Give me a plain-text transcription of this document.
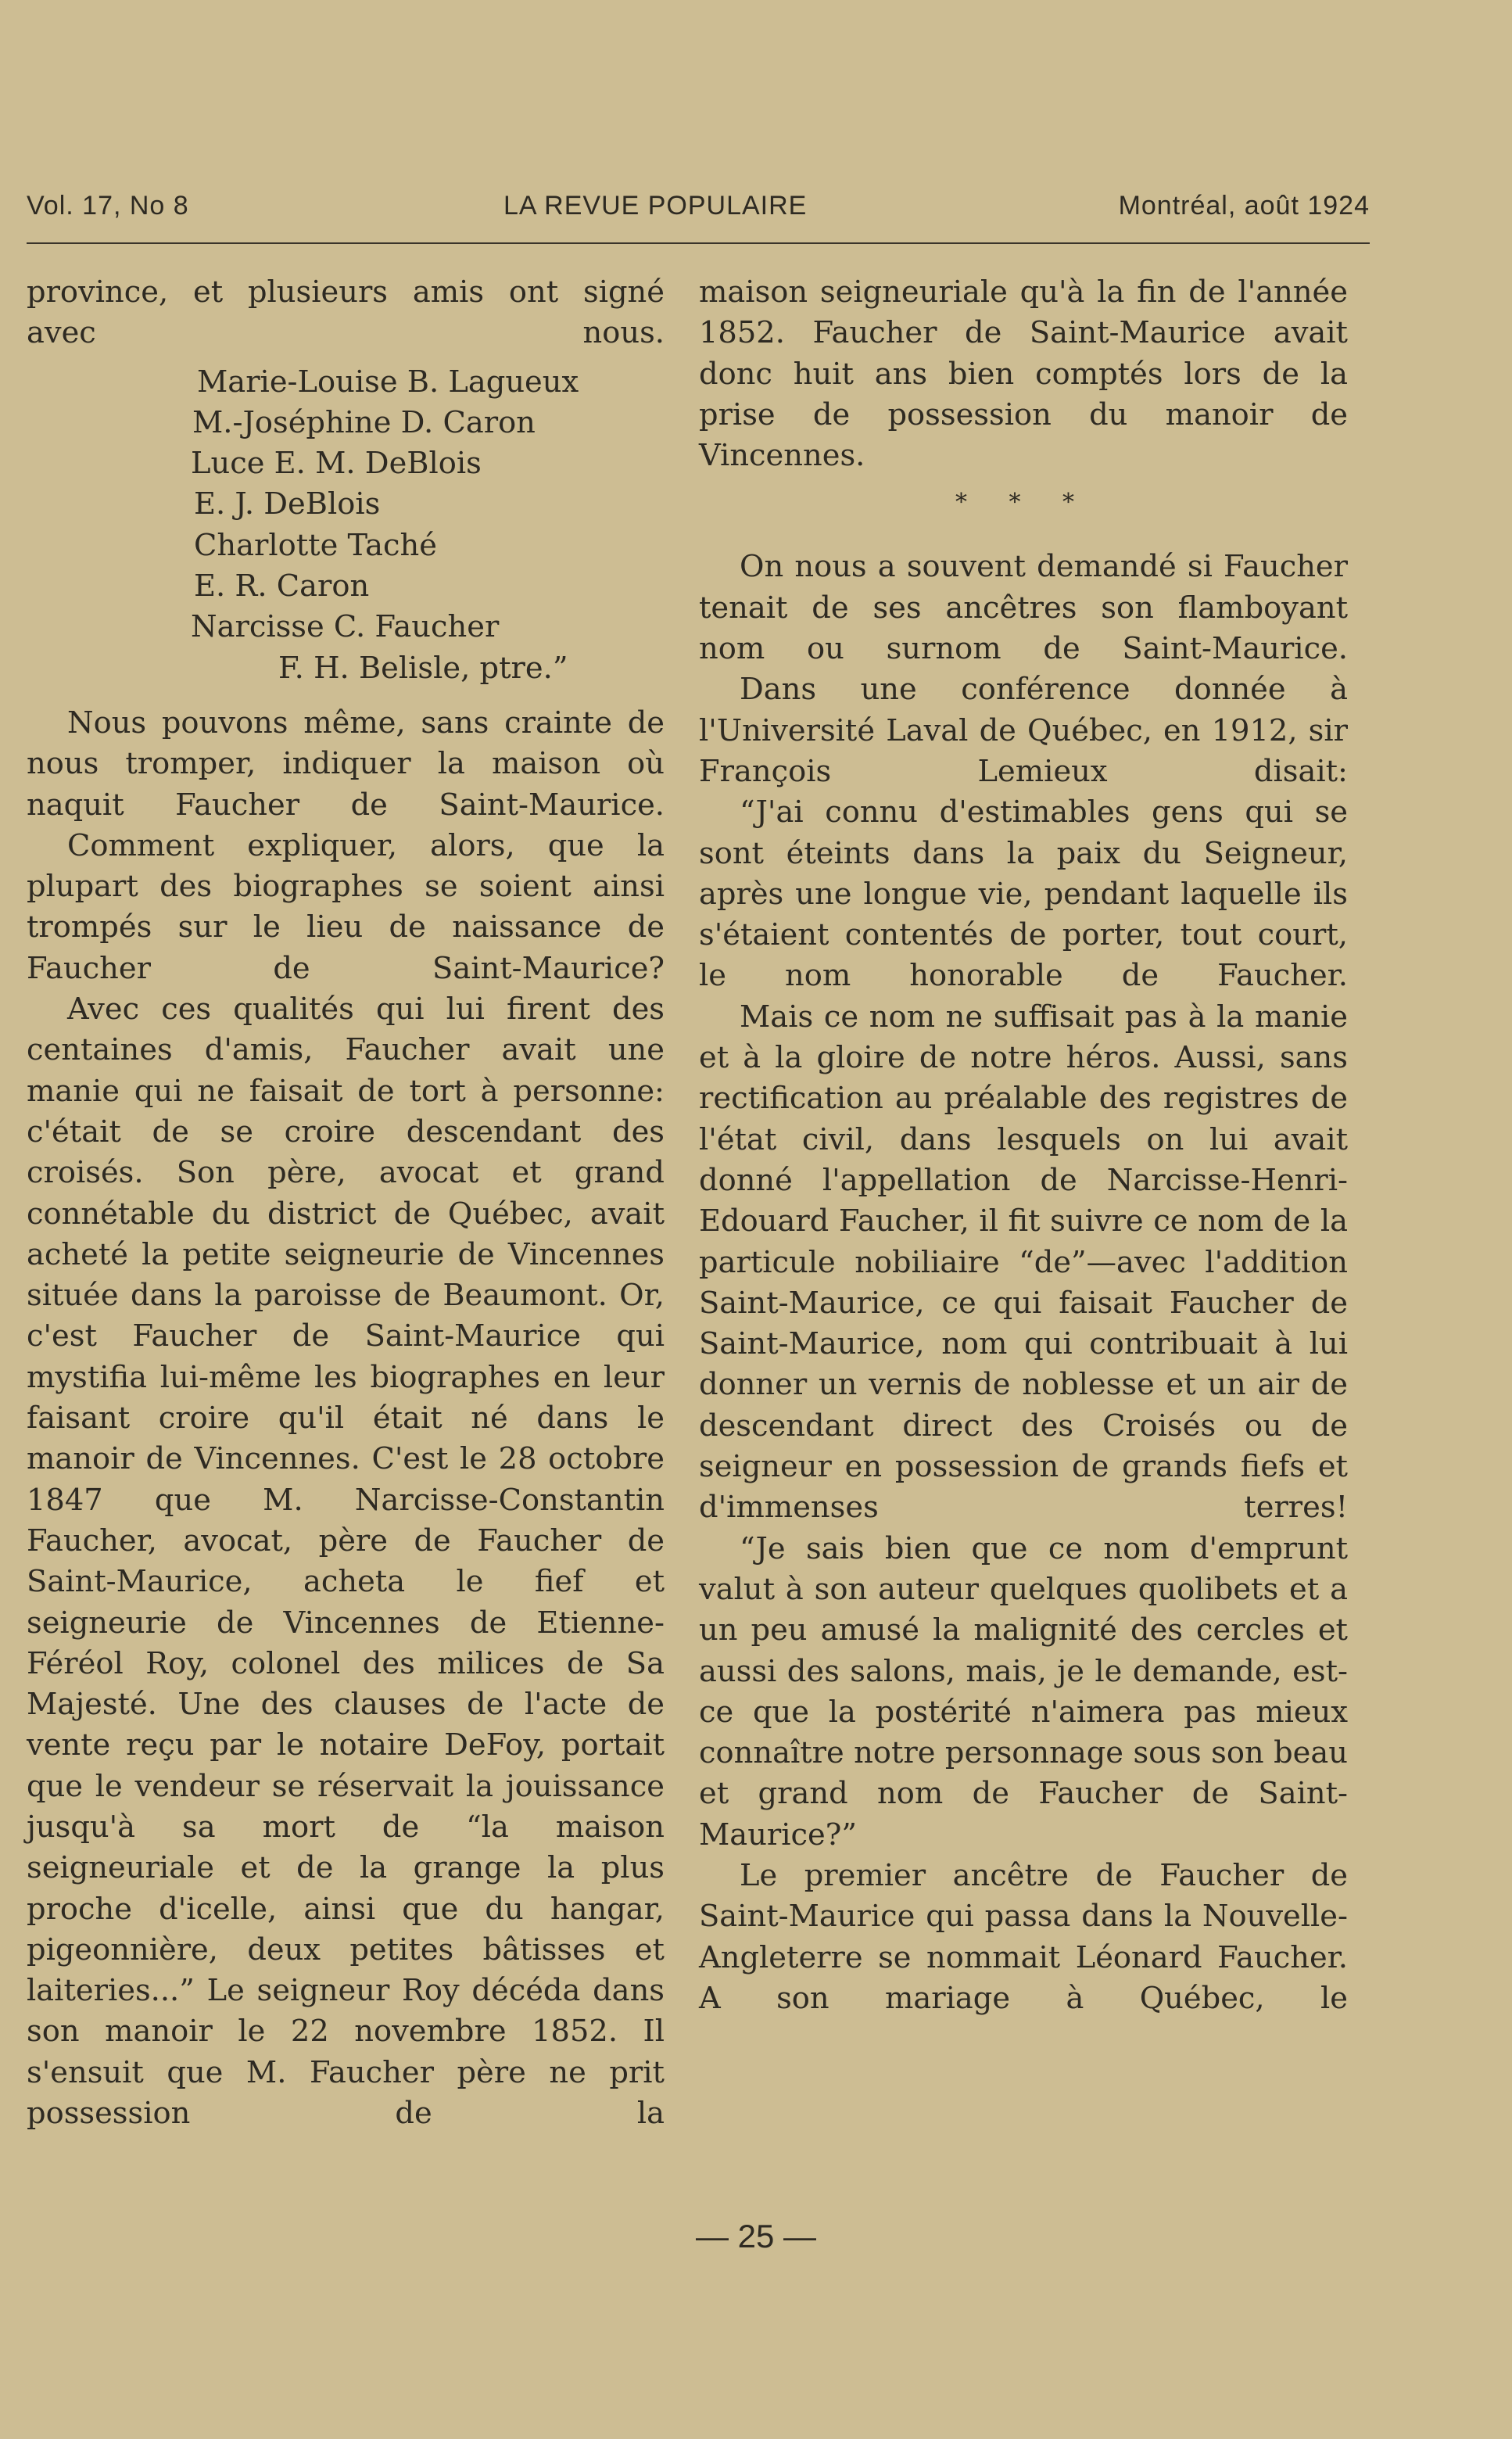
Vol. 17, No 8	LA REVUE POPULAIRE	Montréal, août 1924

province, et plusieurs amis ont signé avec nous.

Marie-Louise B. Lagueux
M.-Joséphine D. Caron
Luce E. M. DeBlois
E. J. DeBlois
Charlotte Taché
E. R. Caron
Narcisse C. Faucher
F. H. Belisle, ptre.”

Nous pouvons même, sans crainte de nous tromper, indiquer la maison où naquit Faucher de Saint-Maurice.

Comment expliquer, alors, que la plupart des biographes se soient ainsi trompés sur le lieu de naissance de Faucher de Saint-Maurice?

Avec ces qualités qui lui firent des centaines d'amis, Faucher avait une manie qui ne faisait de tort à personne: c'était de se croire descendant des croisés. Son père, avocat et grand connétable du district de Québec, avait acheté la petite seigneurie de Vincennes située dans la paroisse de Beaumont. Or, c'est Faucher de Saint-Maurice qui mystifia lui-même les biographes en leur faisant croire qu'il était né dans le manoir de Vincennes. C'est le 28 octobre 1847 que M. Narcisse-Constantin Faucher, avocat, père de Faucher de Saint-Maurice, acheta le fief et seigneurie de Vincennes de Etienne-Féréol Roy, colonel des milices de Sa Majesté. Une des clauses de l'acte de vente reçu par le notaire DeFoy, portait que le vendeur se réservait la jouissance jusqu'à sa mort de “la maison seigneuriale et de la grange la plus proche d'icelle, ainsi que du hangar, pigeonnière, deux petites bâtisses et laiteries...” Le seigneur Roy décéda dans son manoir le 22 novembre 1852. Il s'ensuit que M. Faucher père ne prit possession de la

maison seigneuriale qu'à la fin de l'année 1852. Faucher de Saint-Maurice avait donc huit ans bien comptés lors de la prise de possession du manoir de Vincennes.

* * *

On nous a souvent demandé si Faucher tenait de ses ancêtres son flamboyant nom ou surnom de Saint-Maurice.

Dans une conférence donnée à l'Université Laval de Québec, en 1912, sir François Lemieux disait:

“J'ai connu d'estimables gens qui se sont éteints dans la paix du Seigneur, après une longue vie, pendant laquelle ils s'étaient contentés de porter, tout court, le nom honorable de Faucher.

Mais ce nom ne suffisait pas à la manie et à la gloire de notre héros. Aussi, sans rectification au préalable des registres de l'état civil, dans lesquels on lui avait donné l'appellation de Narcisse-Henri-Edouard Faucher, il fit suivre ce nom de la particule nobiliaire “de”—avec l'addition Saint-Maurice, ce qui faisait Faucher de Saint-Maurice, nom qui contribuait à lui donner un vernis de noblesse et un air de descendant direct des Croisés ou de seigneur en possession de grands fiefs et d'immenses terres!

“Je sais bien que ce nom d'emprunt valut à son auteur quelques quolibets et a un peu amusé la malignité des cercles et aussi des salons, mais, je le demande, est-ce que la postérité n'aimera pas mieux connaître notre personnage sous son beau et grand nom de Faucher de Saint-Maurice?”

Le premier ancêtre de Faucher de Saint-Maurice qui passa dans la Nouvelle-Angleterre se nommait Léonard Faucher. A son mariage à Québec, le

— 25 —
